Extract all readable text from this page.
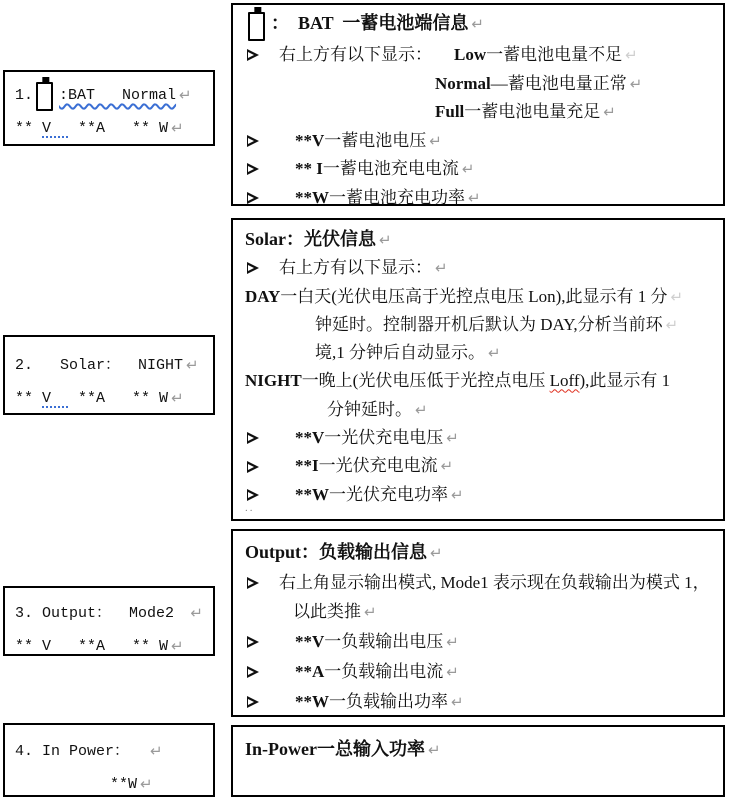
1. :BAT   Normal ↵
** V **A   ** W ↵
2.   Solar：  NIGHT ↵
** V **A   ** W ↵
3. Output：  Mode2
↵
** V   **A   ** W ↵
4. In Power： ↵
**W ↵
：  BAT  一蓄电池端信息 ↵
右上方有以下显示： Low 一蓄电池电量不足 ↵
Normal —蓄电池电量正常 ↵
Full 一蓄电池电量充足 ↵
**V 一蓄电池电压 ↵
** I 一蓄电池充电电流 ↵
**W 一蓄电池充电功率 ↵
Solar： 光伏信息 ↵
右上方有以下显示： ↵
DAY 一白天(光伏电压高于光控点电压 Lon),此显示有 1 分 ↵
钟延时。控制器开机后默认为 DAY,分析当前环 ↵
境,1 分钟后自动显示。 ↵
NIGHT 一晚上(光伏电压低于光控点电压 Loff ),此显示有 1
分钟延时。 ↵
**V 一光伏充电电压 ↵
**I 一光伏充电电流 ↵
**W 一光伏充电功率 ↵
..
Output： 负载输出信息 ↵
右上角显示输出模式, Mode1 表示现在负载输出为模式 1，
以此类推 ↵
**V 一负载输出电压 ↵
**A 一负载输出电流 ↵
**W 一负载输出功率 ↵
In-Power一总输入功率 ↵
